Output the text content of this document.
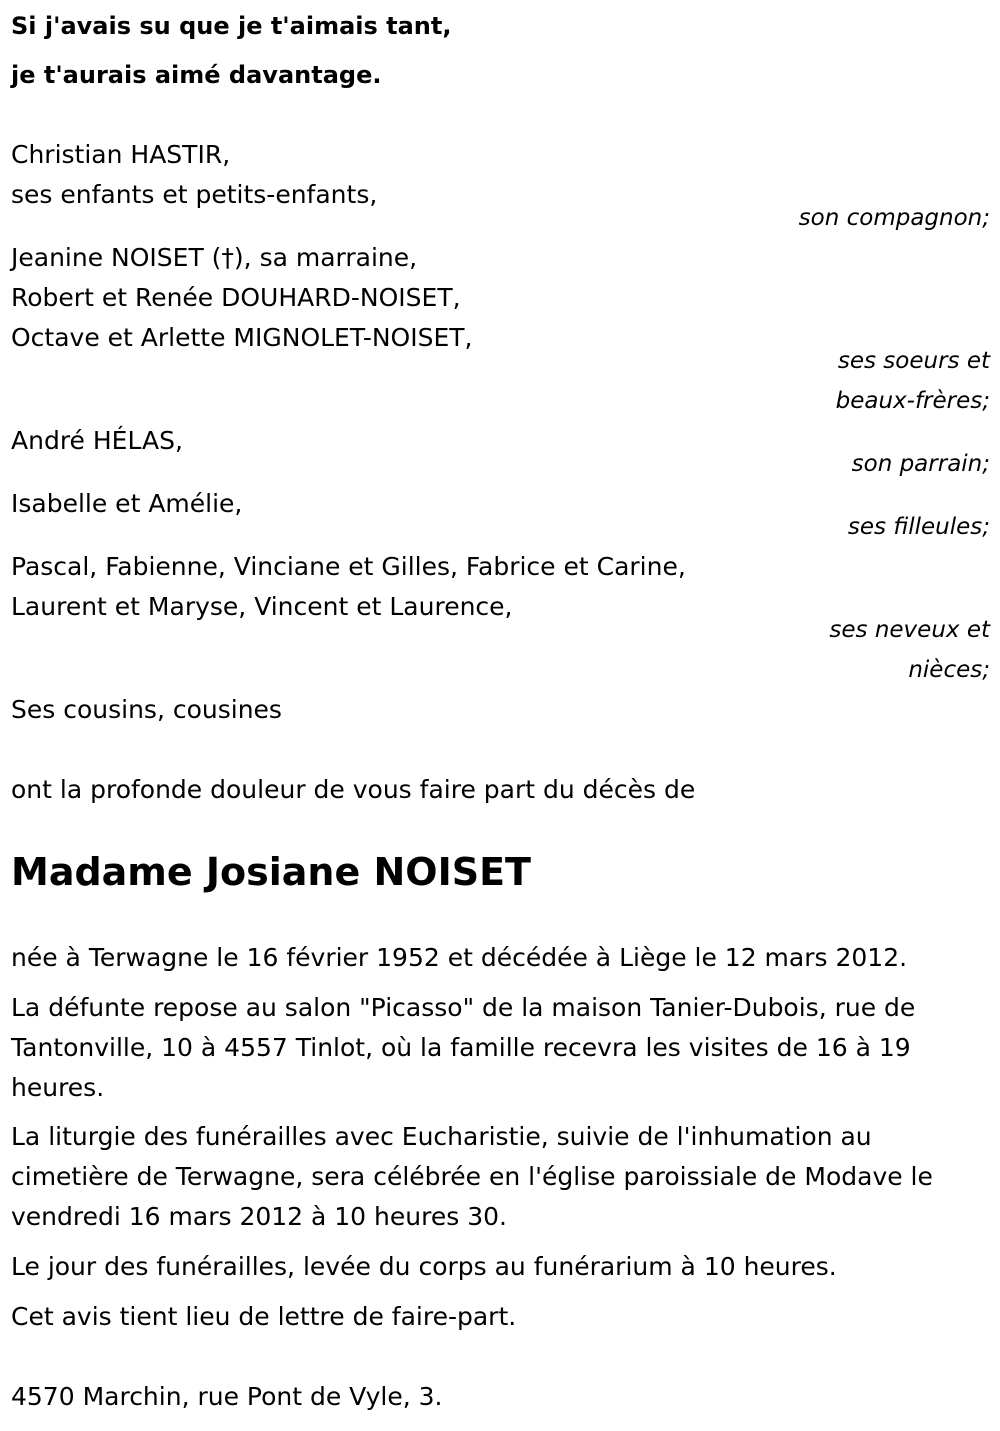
Si j'avais su que je t'aimais tant,
je t'aurais aimé davantage.
Christian HASTIR,
ses enfants et petits-enfants,
son compagnon;
Jeanine NOISET (†), sa marraine,
Robert et Renée DOUHARD-NOISET,
Octave et Arlette MIGNOLET-NOISET,
ses soeurs et
beaux-frères;
André HÉLAS,
son parrain;
Isabelle et Amélie,
ses filleules;
Pascal, Fabienne, Vinciane et Gilles, Fabrice et Carine,
Laurent et Maryse, Vincent et Laurence,
ses neveux et
nièces;
Ses cousins, cousines
ont la profonde douleur de vous faire part du décès de
Madame Josiane NOISET
née à Terwagne le 16 février 1952 et décédée à Liège le 12 mars 2012.
La défunte repose au salon "Picasso" de la maison Tanier-Dubois, rue de
Tantonville, 10 à 4557 Tinlot, où la famille recevra les visites de 16 à 19
heures.
La liturgie des funérailles avec Eucharistie, suivie de l'inhumation au
cimetière de Terwagne, sera célébrée en l'église paroissiale de Modave le
vendredi 16 mars 2012 à 10 heures 30.
Le jour des funérailles, levée du corps au funérarium à 10 heures.
Cet avis tient lieu de lettre de faire-part.
4570 Marchin, rue Pont de Vyle, 3.
